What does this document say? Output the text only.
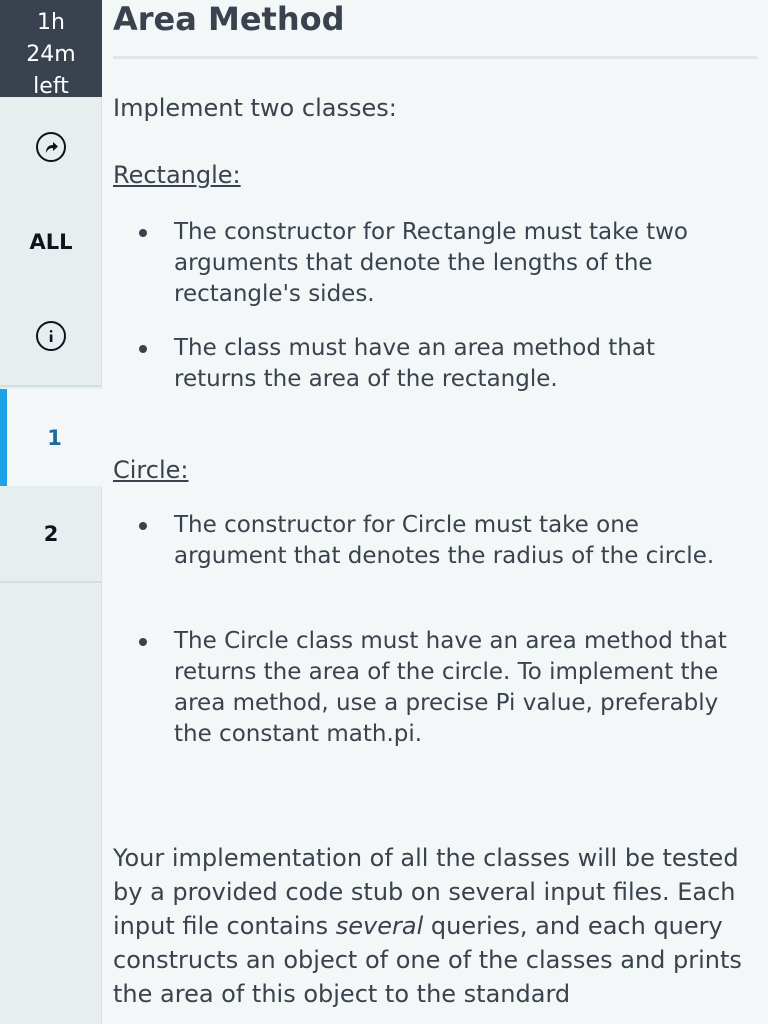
1h
24m
left
ALL
1
2
Area Method

Implement two classes:

Rectangle:

The constructor for Rectangle must take two arguments that denote the lengths of the rectangle's sides.
The class must have an area method that returns the area of the rectangle.

Circle:

The constructor for Circle must take one argument that denotes the radius of the circle.
The Circle class must have an area method that returns the area of the circle. To implement the area method, use a precise Pi value, preferably the constant math.pi.

Your implementation of all the classes will be tested by a provided code stub on several input files. Each input file contains several queries, and each query constructs an object of one of the classes and prints the area of this object to the standard
